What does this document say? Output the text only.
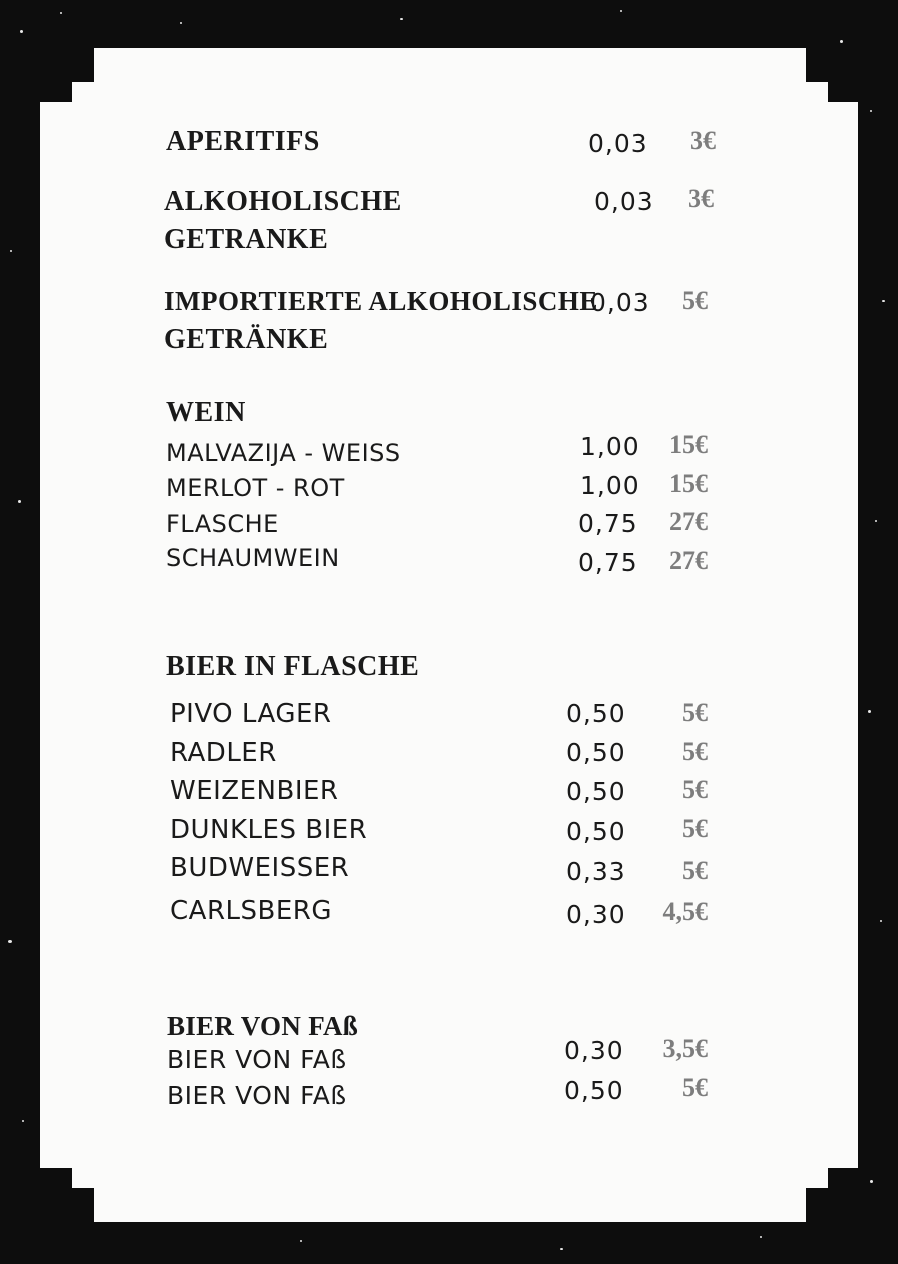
APERITIFS	0,03	3€
ALKOHOLISCHE
GETRANKE
0,03	3€
IMPORTIERTE ALKOHOLISCHE
GETRÄNKE
0,03	5€
WEIN
MALVAZIJA - WEISS	1,00	15€
MERLOT - ROT	1,00	15€
FLASCHE	0,75	27€
SCHAUMWEIN	0,75	27€
BIER IN FLASCHE
PIVO LAGER	0,50	5€
RADLER	0,50	5€
WEIZENBIER	0,50	5€
DUNKLES BIER	0,50	5€
BUDWEISSER	0,33	5€
CARLSBERG	0,30	4,5€
BIER VON FAß
BIER VON FAß	0,30	3,5€
BIER VON FAß	0,50	5€
